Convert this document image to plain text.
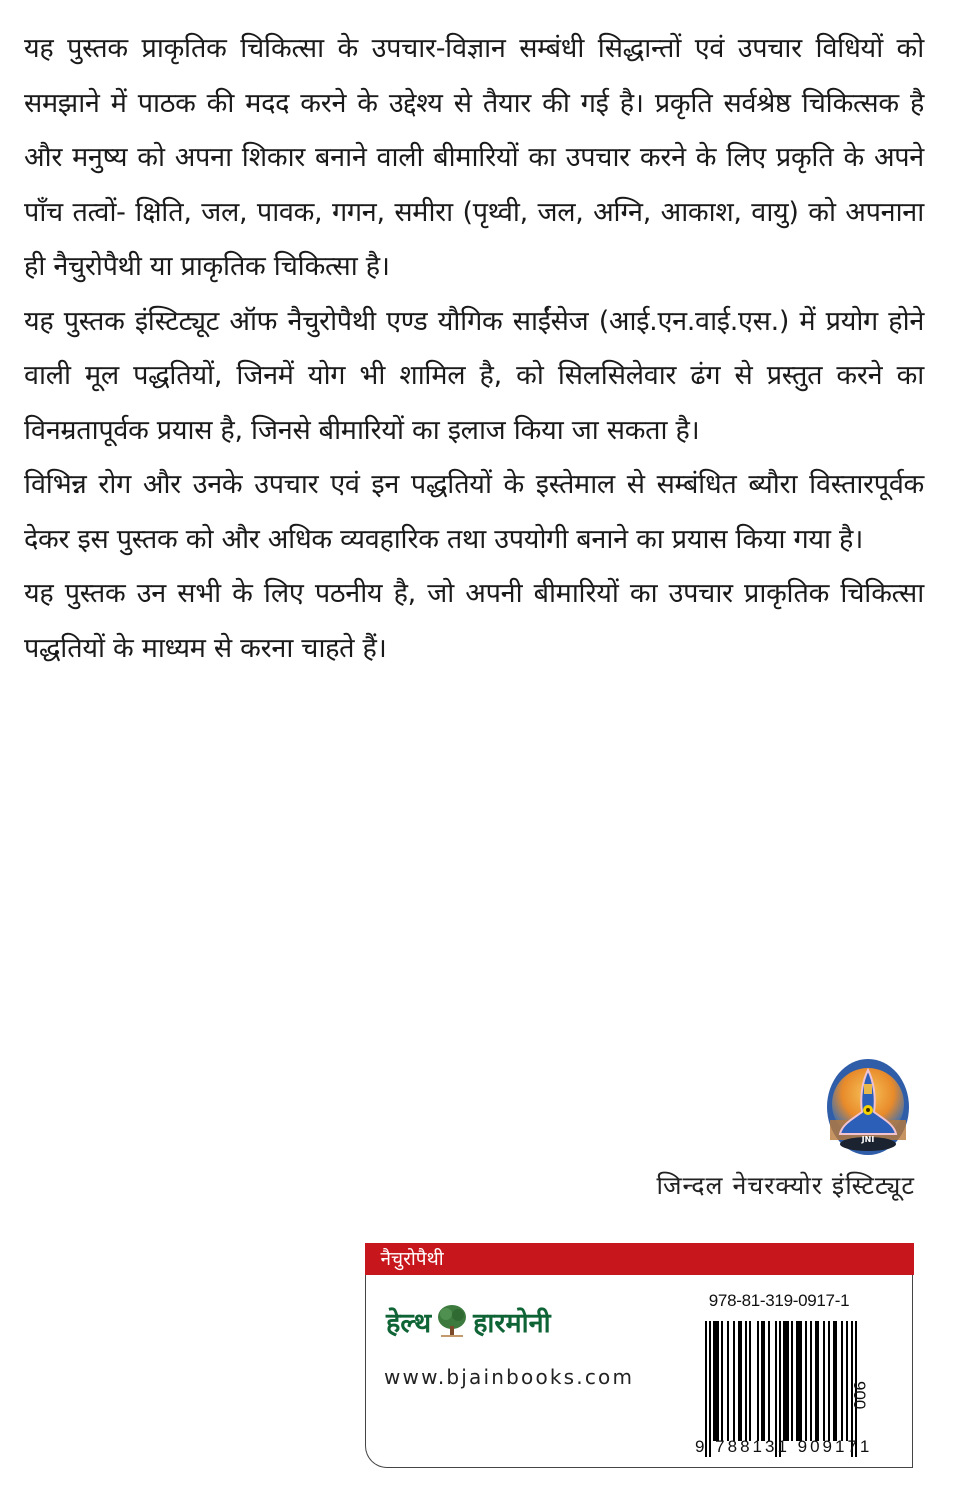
यह पुस्तक प्राकृतिक चिकित्सा के उपचार-विज्ञान सम्बंधी सिद्धान्तों एवं उपचार विधियों को समझाने में पाठक की मदद करने के उद्देश्य से तैयार की गई है। प्रकृति सर्वश्रेष्ठ चिकित्सक है और मनुष्य को अपना शिकार बनाने वाली बीमारियों का उपचार करने के लिए प्रकृति के अपने पाँच तत्वों- क्षिति, जल, पावक, गगन, समीरा (पृथ्वी, जल, अग्नि, आकाश, वायु) को अपनाना ही नैचुरोपैथी या प्राकृतिक चिकित्सा है।

यह पुस्तक इंस्टिट्यूट ऑफ नैचुरोपैथी एण्ड यौगिक साईंसेज (आई.एन.वाई.एस.) में प्रयोग होने वाली मूल पद्धतियों, जिनमें योग भी शामिल है, को सिलसिलेवार ढंग से प्रस्तुत करने का विनम्रतापूर्वक प्रयास है, जिनसे बीमारियों का इलाज किया जा सकता है।

विभिन्न रोग और उनके उपचार एवं इन पद्धतियों के इस्तेमाल से सम्बंधित ब्यौरा विस्तारपूर्वक देकर इस पुस्तक को और अधिक व्यवहारिक तथा उपयोगी बनाने का प्रयास किया गया है।

यह पुस्तक उन सभी के लिए पठनीय है, जो अपनी बीमारियों का उपचार प्राकृतिक चिकित्सा पद्धतियों के माध्यम से करना चाहते हैं।

JNI
जिन्दल नेचरक्योर इंस्टिट्यूट
नैचुरोपैथी
हेल्थ हारमोनी
www.bjainbooks.com
978-81-319-0917-1
9 788131 909171
900
